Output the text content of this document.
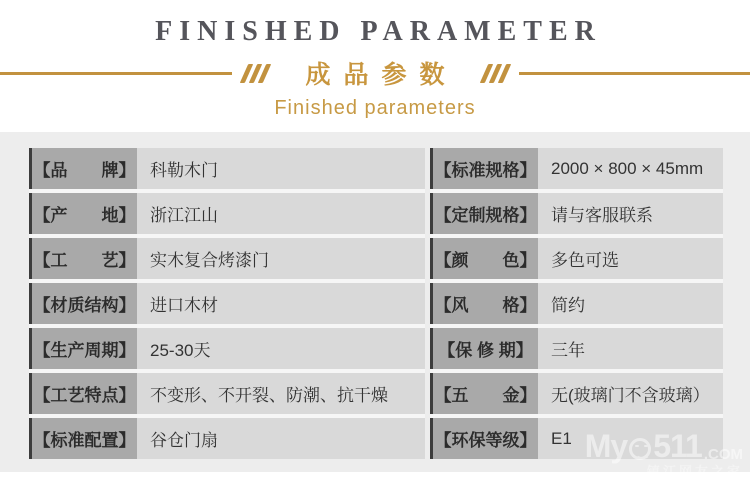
FINISHED PARAMETER
成品参数
Finished parameters
【品　　牌】 科勒木门
【产　　地】 浙江江山
【工　　艺】 实木复合烤漆门
【材质结构】 进口木材
【生产周期】 25-30天
【工艺特点】 不变形、不开裂、防潮、抗干燥
【标准配置】 谷仓门扇
【标准规格】 2000 × 800 × 45mm
【定制规格】 请与客服联系
【颜　　色】 多色可选
【风　　格】 简约
【保 修 期】	三年
【五　　金】 无(玻璃门不含玻璃）
【环保等级】 E1 My 511 .COM
镇江网友之家
